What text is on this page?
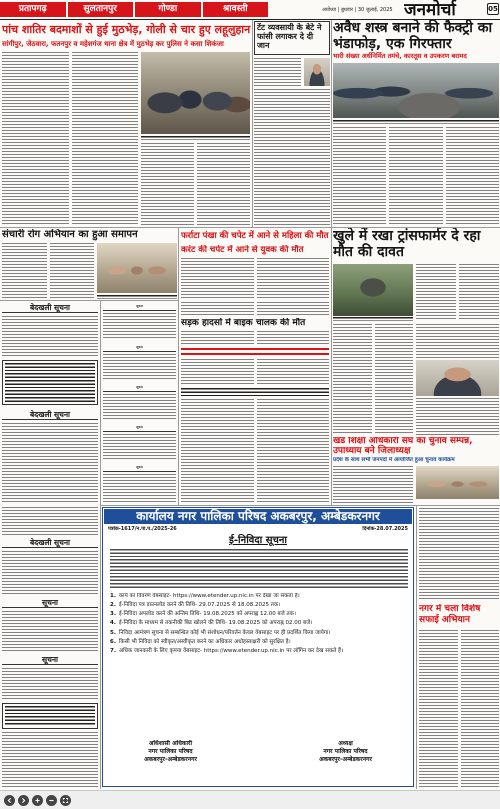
प्रतापगढ़	सुलतानपुर	गोण्डा	श्रावस्ती	अयोध्या | बुधवार | 30 जुलाई, 2025 जनमोर्चा	05
पांच शातिर बदमाशों से हुई मुठभेड़, गोली से चार हुए लहूलुहान
सांगीपुर, जेठवारा, फतनपुर व महेशगंज थाना क्षेत्र में मुठभेड़ कर पुलिस ने कसा शिकंजा
टेंट व्यवसायी के बेटे ने फांसी लगाकर दे दी जान
अवैध शस्त्र बनाने की फैक्ट्री का भंडाफोड़, एक गिरफ्तार
भारी संख्या अर्धनिर्मित तमंचे, कारतूस व उपकरण बरामद
संचारी रोग अभियान का हुआ समापन	फर्राटा पंखा की चपेट में आने से महिला की मौत
करंट की चपेट में आने से युवक की मौत
खुले में रखा ट्रांसफार्मर दे रहा मौत की दावत
बेदखली सूचना
बेदखली सूचना
सूचना
सूचना
सूचना
सूचना
सूचना
सड़क हादसों में बाइक चालक की मौत
खंड शिक्षा अधिकारी संघ का चुनाव सम्पन्न, उपाध्याय बने जिलाध्यक्ष
प्रदेश के साथ सभी जनपदों में आयोजित हुआ चुनाव कार्यक्रम
बेदखली सूचना
सूचना
सूचना
कार्यालय नगर पालिका परिषद अकबरपुर, अम्बेडकरनगर
पत्रांक-1617/न.पा.प./2025-26	दिनांक-28.07.2025
ई-निविदा सूचना
1. कार्य का विवरण वेबसाइट- https://www.etender.up.nic.in पर देखा जा सकता है।
2. ई-निविदा पत्र डाउनलोड करने की तिथि- 29.07.2025 से 18.08.2025 तक।
3. ई-निविदा अपलोड करने की अन्तिम तिथि- 19.08.2025 को अपराह्न 12.00 बजे तक।
4. ई-निविदा के माध्यम से तकनीकी बिड खोलने की तिथि- 19.08.2025 को अपराह्न 02.00 बजे।
5. निविदा आमंत्रण सूचना से सम्बन्धित कोई भी संशोधन/परिवर्तन केवल वेबसाइट पर ही प्रदर्शित किया जायेगा।
6. किसी भी निविदा को स्वीकृत/अस्वीकृत करने का अधिकार अधोहस्ताक्षरी को सुरक्षित है।
7. अधिक जानकारी के लिए कृपया वेबसाइट- https://www.etender.up.nic.in पर लॉगिन कर देख सकते हैं।
अधिशासी अधिकारी
नगर पालिका परिषद
अकबरपुर-अम्बेडकरनगर
अध्यक्ष
नगर पालिका परिषद
अकबरपुर-अम्बेडकरनगर
नगर में चला विशेष सफाई अभियान
